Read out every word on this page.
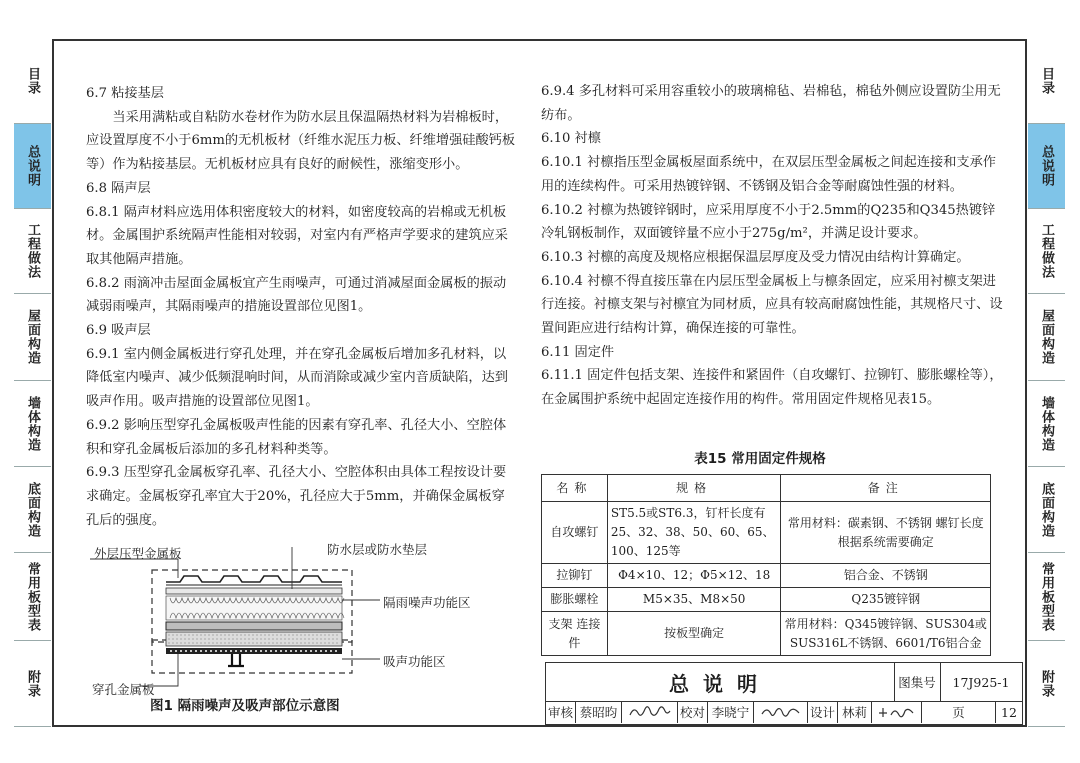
目录
总说明
工程做法
屋面构造
墙体构造
底面构造
常用板型表
附录
目录
总说明
工程做法
屋面构造
墙体构造
底面构造
常用板型表
附录

6.7 粘接基层

当采用满粘或自粘防水卷材作为防水层且保温隔热材料为岩棉板时，应设置厚度不小于6mm的无机板材（纤维水泥压力板、纤维增强硅酸钙板等）作为粘接基层。无机板材应具有良好的耐候性，涨缩变形小。

6.8 隔声层

6.8.1 隔声材料应选用体积密度较大的材料，如密度较高的岩棉或无机板材。金属围护系统隔声性能相对较弱，对室内有严格声学要求的建筑应采取其他隔声措施。

6.8.2 雨滴冲击屋面金属板宜产生雨噪声，可通过消减屋面金属板的振动减弱雨噪声，其隔雨噪声的措施设置部位见图1。

6.9 吸声层

6.9.1 室内侧金属板进行穿孔处理，并在穿孔金属板后增加多孔材料，以降低室内噪声、减少低频混响时间，从而消除或减少室内音质缺陷，达到吸声作用。吸声措施的设置部位见图1。

6.9.2 影响压型穿孔金属板吸声性能的因素有穿孔率、孔径大小、空腔体积和穿孔金属板后添加的多孔材料种类等。

6.9.3 压型穿孔金属板穿孔率、孔径大小、空腔体积由具体工程按设计要求确定。金属板穿孔率宜大于20%，孔径应大于5mm，并确保金属板穿孔后的强度。

外层压型金属板	防水层或防水垫层
隔雨噪声功能区
吸声功能区
穿孔金属板
图1 隔雨噪声及吸声部位示意图

6.9.4 多孔材料可采用容重较小的玻璃棉毡、岩棉毡，棉毡外侧应设置防尘用无纺布。

6.10 衬檩

6.10.1 衬檩指压型金属板屋面系统中，在双层压型金属板之间起连接和支承作用的连续构件。可采用热镀锌钢、不锈钢及铝合金等耐腐蚀性强的材料。

6.10.2 衬檩为热镀锌钢时，应采用厚度不小于2.5mm的Q235和Q345热镀锌冷轧钢板制作，双面镀锌量不应小于275g/m²，并满足设计要求。

6.10.3 衬檩的高度及规格应根据保温层厚度及受力情况由结构计算确定。

6.10.4 衬檩不得直接压靠在内层压型金属板上与檩条固定，应采用衬檩支架进行连接。衬檩支架与衬檩宜为同材质，应具有较高耐腐蚀性能，其规格尺寸、设置间距应进行结构计算，确保连接的可靠性。

6.11 固定件

6.11.1 固定件包括支架、连接件和紧固件（自攻螺钉、拉铆钉、膨胀螺栓等），在金属围护系统中起固定连接作用的构件。常用固定件规格见表15。

表15 常用固定件规格
名称	规格	备注
自攻螺钉	ST5.5或ST6.3，钉杆长度有25、32、38、50、60、65、100、125等	常用材料：碳素钢、不锈钢 螺钉长度根据系统需要确定
拉铆钉	Φ4×10、12；Φ5×12、18	铝合金、不锈钢
膨胀螺栓	M5×35、M8×50	Q235镀锌钢
支架 连接件	按板型确定	常用材料：Q345镀锌钢、SUS304或SUS316L不锈钢、6601/T6铝合金
总说明	图集号	17J925-1
审核 蔡昭昀	校对 李晓宁	设计 林莉	页	12
